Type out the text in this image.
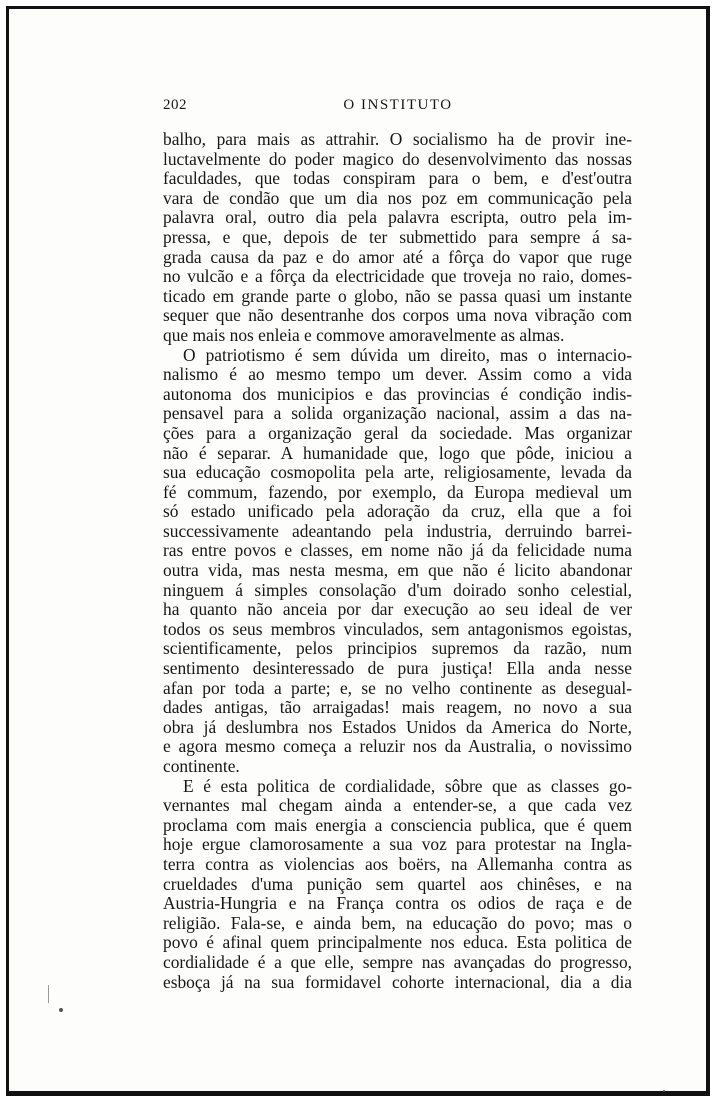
202	O INSTITUTO
balho, para mais as attrahir. O socialismo ha de provir ine-
luctavelmente do poder magico do desenvolvimento das nossas
faculdades, que todas conspiram para o bem, e d'est'outra
vara de condão que um dia nos poz em communicação pela
palavra oral, outro dia pela palavra escripta, outro pela im-
pressa, e que, depois de ter submettido para sempre á sa-
grada causa da paz e do amor até a fôrça do vapor que ruge
no vulcão e a fôrça da electricidade que troveja no raio, domes-
ticado em grande parte o globo, não se passa quasi um instante
sequer que não desentranhe dos corpos uma nova vibração com
que mais nos enleia e commove amoravelmente as almas.
O patriotismo é sem dúvida um direito, mas o internacio-
nalismo é ao mesmo tempo um dever. Assim como a vida
autonoma dos municipios e das provincias é condição indis-
pensavel para a solida organização nacional, assim a das na-
ções para a organização geral da sociedade. Mas organizar
não é separar. A humanidade que, logo que pôde, iniciou a
sua educação cosmopolita pela arte, religiosamente, levada da
fé commum, fazendo, por exemplo, da Europa medieval um
só estado unificado pela adoração da cruz, ella que a foi
successivamente adeantando pela industria, derruindo barrei-
ras entre povos e classes, em nome não já da felicidade numa
outra vida, mas nesta mesma, em que não é licito abandonar
ninguem á simples consolação d'um doirado sonho celestial,
ha quanto não anceia por dar execução ao seu ideal de ver
todos os seus membros vinculados, sem antagonismos egoistas,
scientificamente, pelos principios supremos da razão, num
sentimento desinteressado de pura justiça! Ella anda nesse
afan por toda a parte; e, se no velho continente as desegual-
dades antigas, tão arraigadas! mais reagem, no novo a sua
obra já deslumbra nos Estados Unidos da America do Norte,
e agora mesmo começa a reluzir nos da Australia, o novissimo
continente.
E é esta politica de cordialidade, sôbre que as classes go-
vernantes mal chegam ainda a entender-se, a que cada vez
proclama com mais energia a consciencia publica, que é quem
hoje ergue clamorosamente a sua voz para protestar na Ingla-
terra contra as violencias aos boërs, na Allemanha contra as
crueldades d'uma punição sem quartel aos chinêses, e na
Austria-Hungria e na França contra os odios de raça e de
religião. Fala-se, e ainda bem, na educação do povo; mas o
povo é afinal quem principalmente nos educa. Esta politica de
cordialidade é a que elle, sempre nas avançadas do progresso,
esboça já na sua formidavel cohorte internacional, dia a dia
